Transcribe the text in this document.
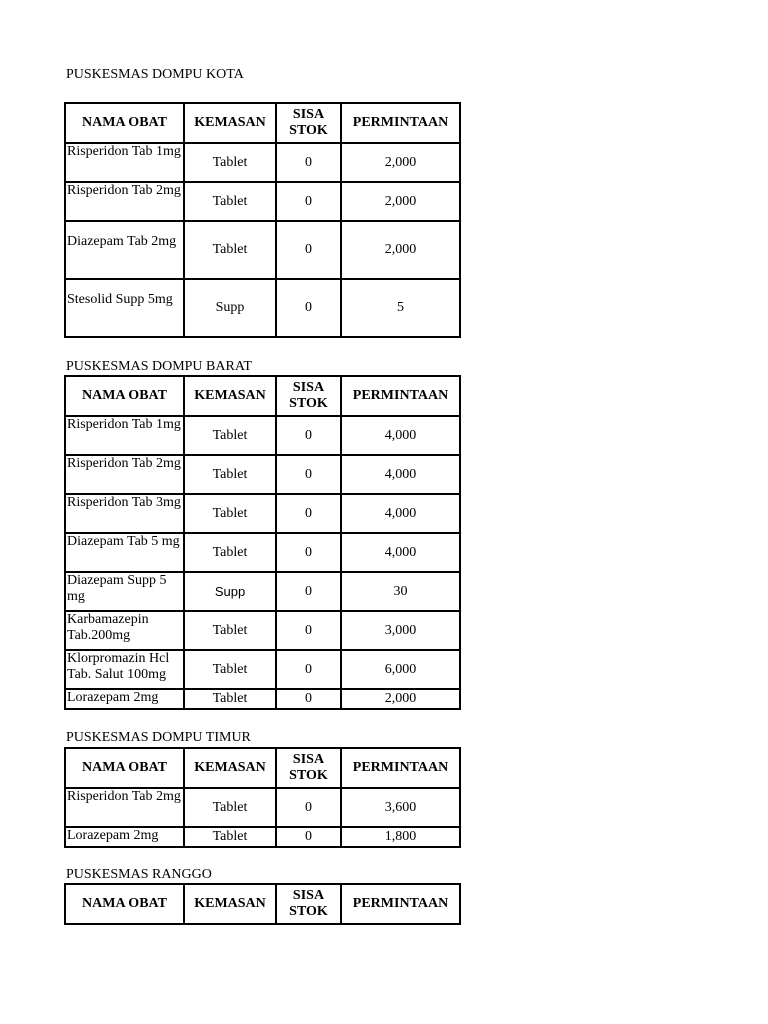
PUSKESMAS DOMPU KOTA
NAMA OBAT	KEMASAN	SISA STOK	PERMINTAAN
Risperidon Tab 1mg	Tablet	0	2,000
Risperidon Tab 2mg	Tablet	0	2,000
Diazepam Tab 2mg	Tablet	0	2,000
Stesolid Supp 5mg	Supp	0	5
PUSKESMAS DOMPU BARAT
NAMA OBAT	KEMASAN	SISA STOK	PERMINTAAN
Risperidon Tab 1mg	Tablet	0	4,000
Risperidon Tab 2mg	Tablet	0	4,000
Risperidon Tab 3mg	Tablet	0	4,000
Diazepam Tab 5 mg	Tablet	0	4,000
Diazepam Supp 5 mg	Supp	0	30
Karbamazepin Tab.200mg	Tablet	0	3,000
Klorpromazin Hcl Tab. Salut 100mg	Tablet	0	6,000
Lorazepam 2mg	Tablet	0	2,000
PUSKESMAS DOMPU TIMUR
NAMA OBAT	KEMASAN	SISA STOK	PERMINTAAN
Risperidon Tab 2mg	Tablet	0	3,600
Lorazepam 2mg	Tablet	0	1,800
PUSKESMAS RANGGO
NAMA OBAT	KEMASAN	SISA STOK	PERMINTAAN
